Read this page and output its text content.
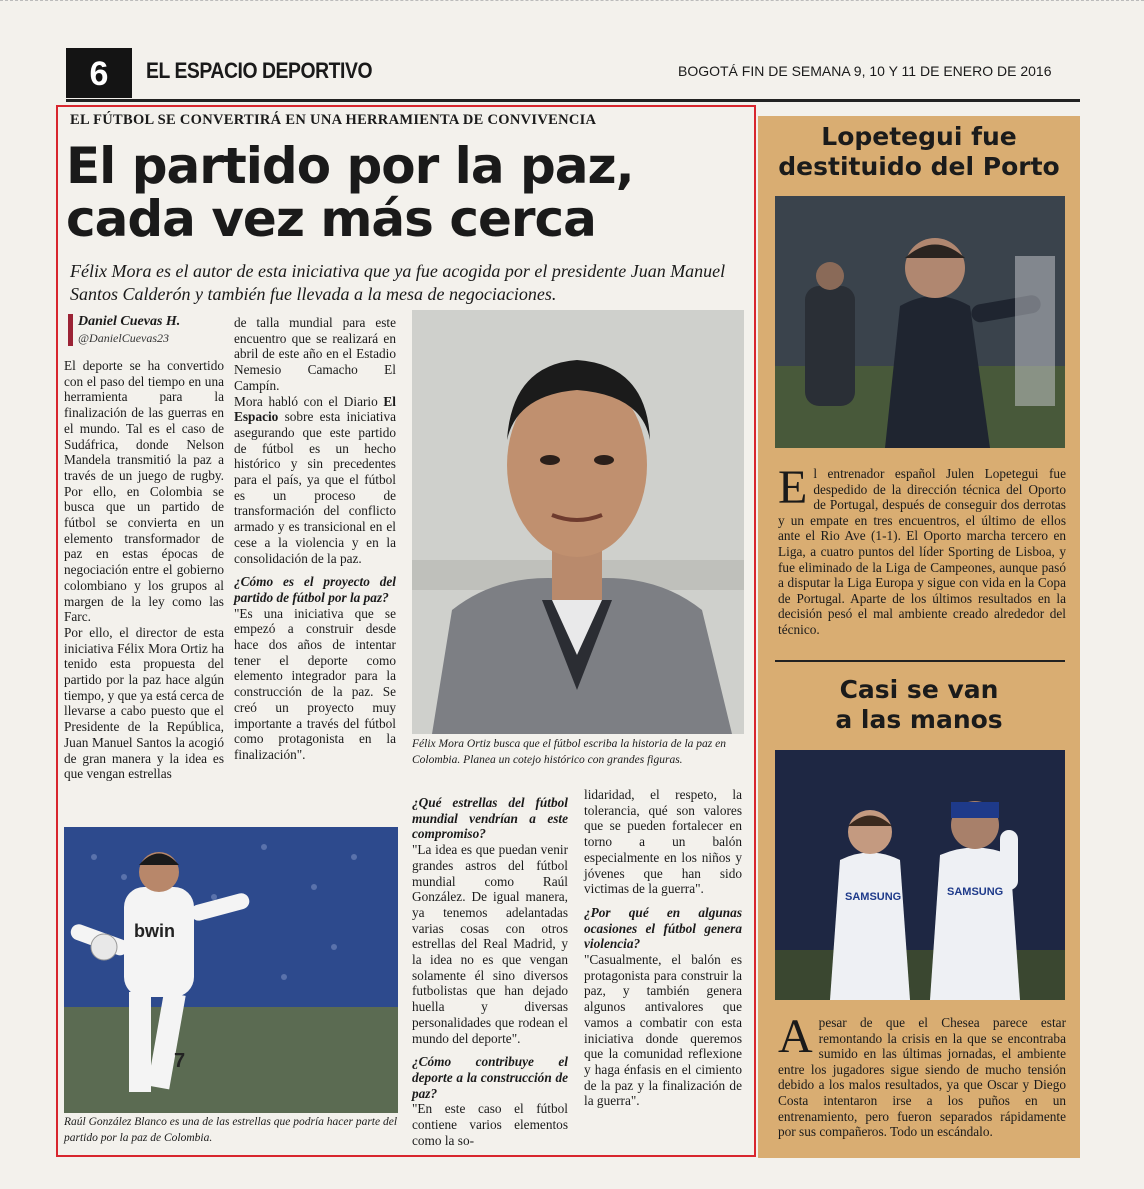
6	EL ESPACIO DEPORTIVO	BOGOTÁ FIN DE SEMANA 9, 10 Y 11 DE ENERO DE 2016
EL FÚTBOL SE CONVERTIRÁ EN UNA HERRAMIENTA DE CONVIVENCIA
El partido por la paz,
cada vez más cerca
Félix Mora es el autor de esta iniciativa que ya fue acogida por el presidente Juan Manuel Santos Calderón y también fue llevada a la mesa de negociaciones.
Daniel Cuevas H.
@DanielCuevas23

El deporte se ha convertido con el paso del tiempo en una herramienta para la finalización de las guerras en el mundo. Tal es el caso de Sudáfrica, donde Nelson Mandela transmitió la paz a través de un juego de rugby. Por ello, en Colombia se busca que un partido de fútbol se convierta en un elemento transformador de paz en estas épocas de negociación entre el gobierno colombiano y los grupos al margen de la ley como las Farc.

Por ello, el director de esta iniciativa Félix Mora Ortiz ha tenido esta propuesta del partido por la paz hace algún tiempo, y que ya está cerca de llevarse a cabo puesto que el Presidente de la República, Juan Manuel Santos la acogió de gran manera y la idea es que vengan estrellas

de talla mundial para este encuentro que se realizará en abril de este año en el Estadio Nemesio Camacho El Campín.

Mora habló con el Diario El Espacio sobre esta iniciativa asegurando que este partido de fútbol es un hecho histórico y sin precedentes para el país, ya que el fútbol es un proceso de transformación del conflicto armado y es transicional en el cese a la violencia y en la consolidación de la paz.

¿Cómo es el proyecto del partido de fútbol por la paz?

"Es una iniciativa que se empezó a construir desde hace dos años de intentar tener el deporte como elemento integrador para la construcción de la paz. Se creó un proyecto muy importante a través del fútbol como protagonista en la finalización".

¿Qué estrellas del fútbol mundial vendrían a este compromiso?

"La idea es que puedan venir grandes astros del fútbol mundial como Raúl González. De igual manera, ya tenemos adelantadas varias cosas con otros estrellas del Real Madrid, y la idea no es que vengan solamente él sino diversos futbolistas que han dejado huella y diversas personalidades que rodean el mundo del deporte".

¿Cómo contribuye el deporte a la construcción de paz?

"En este caso el fútbol contiene varios elementos como la so-

lidaridad, el respeto, la tolerancia, qué son valores que se pueden fortalecer en torno a un balón especialmente en los niños y jóvenes que han sido victimas de la guerra".

¿Por qué en algunas ocasiones el fútbol genera violencia?

"Casualmente, el balón es protagonista para construir la paz, y también genera algunos antivalores que vamos a combatir con esta iniciativa donde queremos que la comunidad reflexione y haga énfasis en el cimiento de la paz y la finalización de la guerra".

Félix Mora Ortiz busca que el fútbol escriba la historia de la paz en Colombia. Planea un cotejo histórico con grandes figuras.
bwin
7
Raúl González Blanco es una de las estrellas que podría hacer parte del partido por la paz de Colombia.
Lopetegui fue
destituido del Porto
El entrenador español Julen Lopetegui fue despedido de la dirección técnica del Oporto de Portugal, después de conseguir dos derrotas y un empate en tres encuentros, el último de ellos ante el Rio Ave (1-1). El Oporto marcha tercero en Liga, a cuatro puntos del líder Sporting de Lisboa, y fue eliminado de la Liga de Campeones, aunque pasó a disputar la Liga Europa y sigue con vida en la Copa de Portugal. Aparte de los últimos resultados en la decisión pesó el mal ambiente creado alrededor del técnico.
Casi se van
a las manos
SAMSUNG	SAMSUNG
Apesar de que el Chesea parece estar remontando la crisis en la que se encontraba sumido en las últimas jornadas, el ambiente entre los jugadores sigue siendo de mucho tensión debido a los malos resultados, ya que Oscar y Diego Costa intentaron irse a los puños en un entrenamiento, pero fueron separados rápidamente por sus compañeros. Todo un escándalo.
